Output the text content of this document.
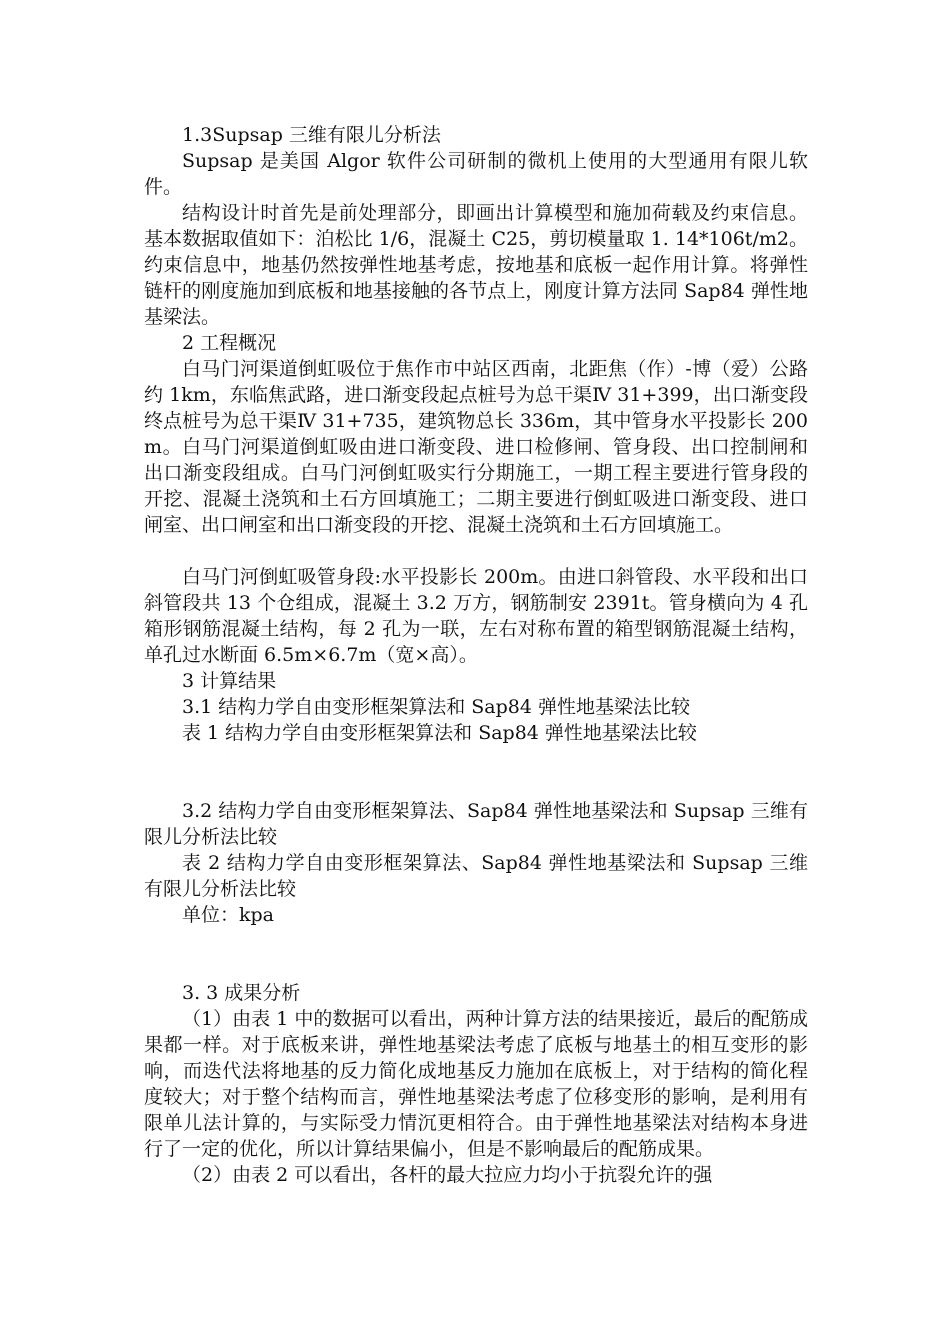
1.3Supsap 三维有限儿分析法

Supsap 是美国 Algor 软件公司研制的微机上使用的大型通用有限儿软件。

结构设计时首先是前处理部分，即画出计算模型和施加荷载及约束信息。基本数据取值如下：泊松比 1/6，混凝土 C25，剪切模量取 1. 14*106t/m2。约束信息中，地基仍然按弹性地基考虑，按地基和底板一起作用计算。将弹性链杆的刚度施加到底板和地基接触的各节点上，刚度计算方法同 Sap84 弹性地基梁法。

2 工程概况

白马门河渠道倒虹吸位于焦作市中站区西南，北距焦（作）-博（爱）公路约 1km，东临焦武路，进口渐变段起点桩号为总干渠Ⅳ 31+399，出口渐变段终点桩号为总干渠Ⅳ 31+735，建筑物总长 336m，其中管身水平投影长 200m。白马门河渠道倒虹吸由进口渐变段、进口检修闸、管身段、出口控制闸和出口渐变段组成。白马门河倒虹吸实行分期施工，一期工程主要进行管身段的开挖、混凝土浇筑和土石方回填施工；二期主要进行倒虹吸进口渐变段、进口闸室、出口闸室和出口渐变段的开挖、混凝土浇筑和土石方回填施工。

白马门河倒虹吸管身段:水平投影长 200m。由进口斜管段、水平段和出口斜管段共 13 个仓组成，混凝土 3.2 万方，钢筋制安 2391t。管身横向为 4 孔箱形钢筋混凝土结构，每 2 孔为一联，左右对称布置的箱型钢筋混凝土结构，单孔过水断面 6.5m×6.7m（宽×高）。

3 计算结果

3.1 结构力学自由变形框架算法和 Sap84 弹性地基梁法比较

表 1 结构力学自由变形框架算法和 Sap84 弹性地基梁法比较

3.2 结构力学自由变形框架算法、Sap84 弹性地基梁法和 Supsap 三维有限儿分析法比较

表 2 结构力学自由变形框架算法、Sap84 弹性地基梁法和 Supsap 三维有限儿分析法比较

单位：kpa

3. 3 成果分析

（1）由表 1 中的数据可以看出，两种计算方法的结果接近，最后的配筋成果都一样。对于底板来讲，弹性地基梁法考虑了底板与地基土的相互变形的影响，而迭代法将地基的反力简化成地基反力施加在底板上，对于结构的简化程度较大；对于整个结构而言，弹性地基梁法考虑了位移变形的影响，是利用有限单儿法计算的，与实际受力情沉更相符合。由于弹性地基梁法对结构本身进行了一定的优化，所以计算结果偏小，但是不影响最后的配筋成果。

（2）由表 2 可以看出，各杆的最大拉应力均小于抗裂允许的强
